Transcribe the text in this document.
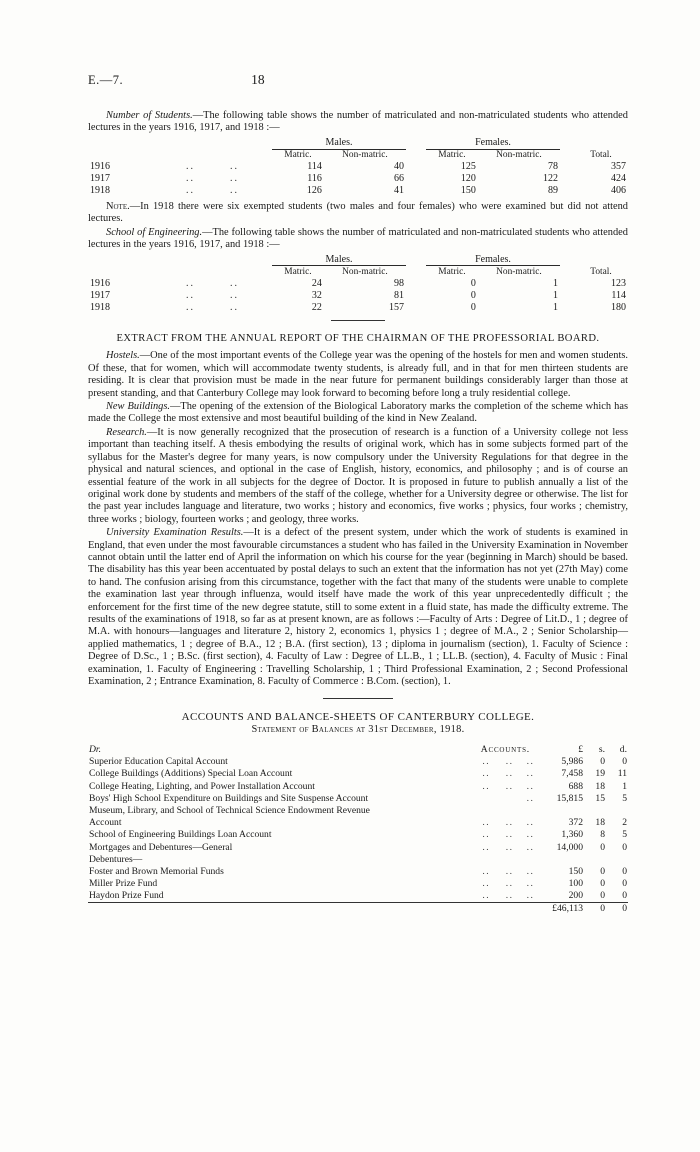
E.—7.	18

Number of Students.—The following table shows the number of matriculated and non-matriculated students who attended lectures in the years 1916, 1917, and 1918 :—

			Males.			Females.			
			Matric.	Non-matric.		Matric.	Non-matric.		Total.
1916	..	..	114	40		125	78		357
1917	..	..	116	66		120	122		424
1918	..	..	126	41		150	89		406

Note.—In 1918 there were six exempted students (two males and four females) who were examined but did not attend lectures.

School of Engineering.—The following table shows the number of matriculated and non-matriculated students who attended lectures in the years 1916, 1917, and 1918 :—

			Males.			Females.			
			Matric.	Non-matric.		Matric.	Non-matric.		Total.
1916	..	..	24	98		0	1		123
1917	..	..	32	81		0	1		114
1918	..	..	22	157		0	1		180
EXTRACT FROM THE ANNUAL REPORT OF THE CHAIRMAN OF THE PROFESSORIAL BOARD.

Hostels.—One of the most important events of the College year was the opening of the hostels for men and women students. Of these, that for women, which will accommodate twenty students, is already full, and in that for men thirteen students are residing. It is clear that provision must be made in the near future for permanent buildings considerably larger than those at present standing, and that Canterbury College may look forward to becoming before long a truly residential college.

New Buildings.—The opening of the extension of the Biological Laboratory marks the completion of the scheme which has made the College the most extensive and most beautiful building of the kind in New Zealand.

Research.—It is now generally recognized that the prosecution of research is a function of a University college not less important than teaching itself. A thesis embodying the results of original work, which has in some subjects formed part of the syllabus for the Master's degree for many years, is now compulsory under the University Regulations for that degree in the physical and natural sciences, and optional in the case of English, history, economics, and philosophy ; and is of course an essential feature of the work in all subjects for the degree of Doctor. It is proposed in future to publish annually a list of the original work done by students and members of the staff of the college, whether for a University degree or otherwise. The list for the past year includes language and literature, two works ; history and economics, five works ; physics, four works ; chemistry, three works ; biology, fourteen works ; and geology, three works.

University Examination Results.—It is a defect of the present system, under which the work of students is examined in England, that even under the most favourable circumstances a student who has failed in the University Examination in November cannot obtain until the latter end of April the information on which his course for the year (beginning in March) should be based. The disability has this year been accentuated by postal delays to such an extent that the information has not yet (27th May) come to hand. The confusion arising from this circumstance, together with the fact that many of the students were unable to complete the examination last year through influenza, would itself have made the work of this year unprecedentedly difficult ; the enforcement for the first time of the new degree statute, still to some extent in a fluid state, has made the difficulty extreme. The results of the examinations of 1918, so far as at present known, are as follows :—Faculty of Arts : Degree of Lit.D., 1 ; degree of M.A. with honours—languages and literature 2, history 2, economics 1, physics 1 ; degree of M.A., 2 ; Senior Scholarship—applied mathematics, 1 ; degree of B.A., 12 ; B.A. (first section), 13 ; diploma in journalism (section), 1. Faculty of Science : Degree of D.Sc., 1 ; B.Sc. (first section), 4. Faculty of Law : Degree of LL.B., 1 ; LL.B. (section), 4. Faculty of Music : Final examination, 1. Faculty of Engineering : Travelling Scholarship, 1 ; Third Professional Examination, 2 ; Second Professional Examination, 2 ; Entrance Examination, 8. Faculty of Commerce : B.Com. (section), 1.

ACCOUNTS AND BALANCE-SHEETS OF CANTERBURY COLLEGE.
Statement of Balances at 31st December, 1918.
Dr.	Accounts.		£	s.	d.
Superior Education Capital Account	..    ..	..	5,986	0	0
College Buildings (Additions) Special Loan Account	..    ..	..	7,458	19	11
College Heating, Lighting, and Power Installation Account	..    ..	..	688	18	1
Boys' High School Expenditure on Buildings and Site Suspense Account		..	15,815	15	5
Museum, Library, and School of Technical Science Endowment Revenue					
Account	..    ..	..	372	18	2
School of Engineering Buildings Loan Account	..    ..	..	1,360	8	5
Mortgages and Debentures—General	..    ..	..	14,000	0	0
Debentures—					
Foster and Brown Memorial Funds	..    ..	..	150	0	0
Miller Prize Fund	..    ..	..	100	0	0
Haydon Prize Fund	..    ..	..	200	0	0
			£46,113	0	0
